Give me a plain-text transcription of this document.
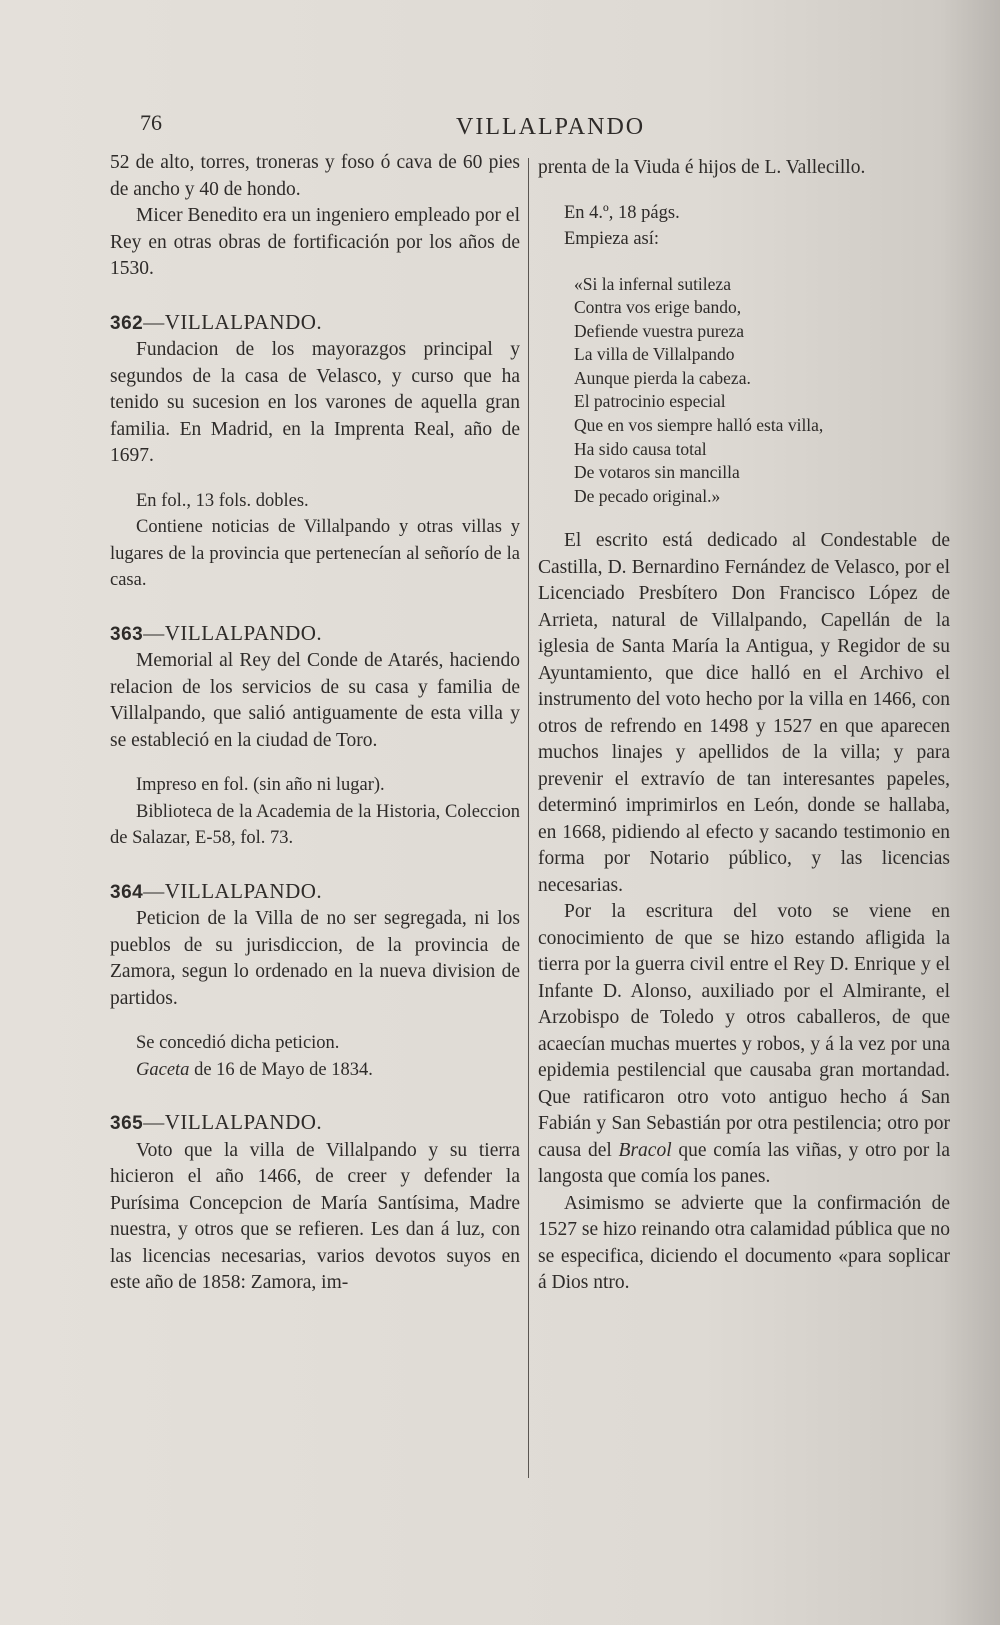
76	VILLALPANDO

52 de alto, torres, troneras y foso ó cava de 60 pies de ancho y 40 de hondo.

Micer Benedito era un ingeniero empleado por el Rey en otras obras de fortificación por los años de 1530.

362—VILLALPANDO.

Fundacion de los mayorazgos principal y segundos de la casa de Velasco, y curso que ha tenido su sucesion en los varones de aquella gran familia. En Madrid, en la Imprenta Real, año de 1697.

En fol., 13 fols. dobles.

Contiene noticias de Villalpando y otras villas y lugares de la provincia que pertenecían al señorío de la casa.

363—VILLALPANDO.

Memorial al Rey del Conde de Atarés, haciendo relacion de los servicios de su casa y familia de Villalpando, que salió antiguamente de esta villa y se estableció en la ciudad de Toro.

Impreso en fol. (sin año ni lugar).

Biblioteca de la Academia de la Historia, Coleccion de Salazar, E-58, fol. 73.

364—VILLALPANDO.

Peticion de la Villa de no ser segregada, ni los pueblos de su jurisdiccion, de la provincia de Zamora, segun lo ordenado en la nueva division de partidos.

Se concedió dicha peticion.

Gaceta de 16 de Mayo de 1834.

365—VILLALPANDO.

Voto que la villa de Villalpando y su tierra hicieron el año 1466, de creer y defender la Purísima Concepcion de María Santísima, Madre nuestra, y otros que se refieren. Les dan á luz, con las licencias necesarias, varios devotos suyos en este año de 1858: Zamora, im-

prenta de la Viuda é hijos de L. Vallecillo.

En 4.º, 18 págs.

Empieza así:

«Si la infernal sutileza
Contra vos erige bando,
Defiende vuestra pureza
La villa de Villalpando
Aunque pierda la cabeza.
El patrocinio especial
Que en vos siempre halló esta villa,
Ha sido causa total
De votaros sin mancilla
De pecado original.»

El escrito está dedicado al Condestable de Castilla, D. Bernardino Fernández de Velasco, por el Licenciado Presbítero Don Francisco López de Arrieta, natural de Villalpando, Capellán de la iglesia de Santa María la Antigua, y Regidor de su Ayuntamiento, que dice halló en el Archivo el instrumento del voto hecho por la villa en 1466, con otros de refrendo en 1498 y 1527 en que aparecen muchos linajes y apellidos de la villa; y para prevenir el extravío de tan interesantes papeles, determinó imprimirlos en León, donde se hallaba, en 1668, pidiendo al efecto y sacando testimonio en forma por Notario público, y las licencias necesarias.

Por la escritura del voto se viene en conocimiento de que se hizo estando afligida la tierra por la guerra civil entre el Rey D. Enrique y el Infante D. Alonso, auxiliado por el Almirante, el Arzobispo de Toledo y otros caballeros, de que acaecían muchas muertes y robos, y á la vez por una epidemia pestilencial que causaba gran mortandad. Que ratificaron otro voto antiguo hecho á San Fabián y San Sebastián por otra pestilencia; otro por causa del Bracol que comía las viñas, y otro por la langosta que comía los panes.

Asimismo se advierte que la confirmación de 1527 se hizo reinando otra calamidad pública que no se especifica, diciendo el documento «para soplicar á Dios ntro.
